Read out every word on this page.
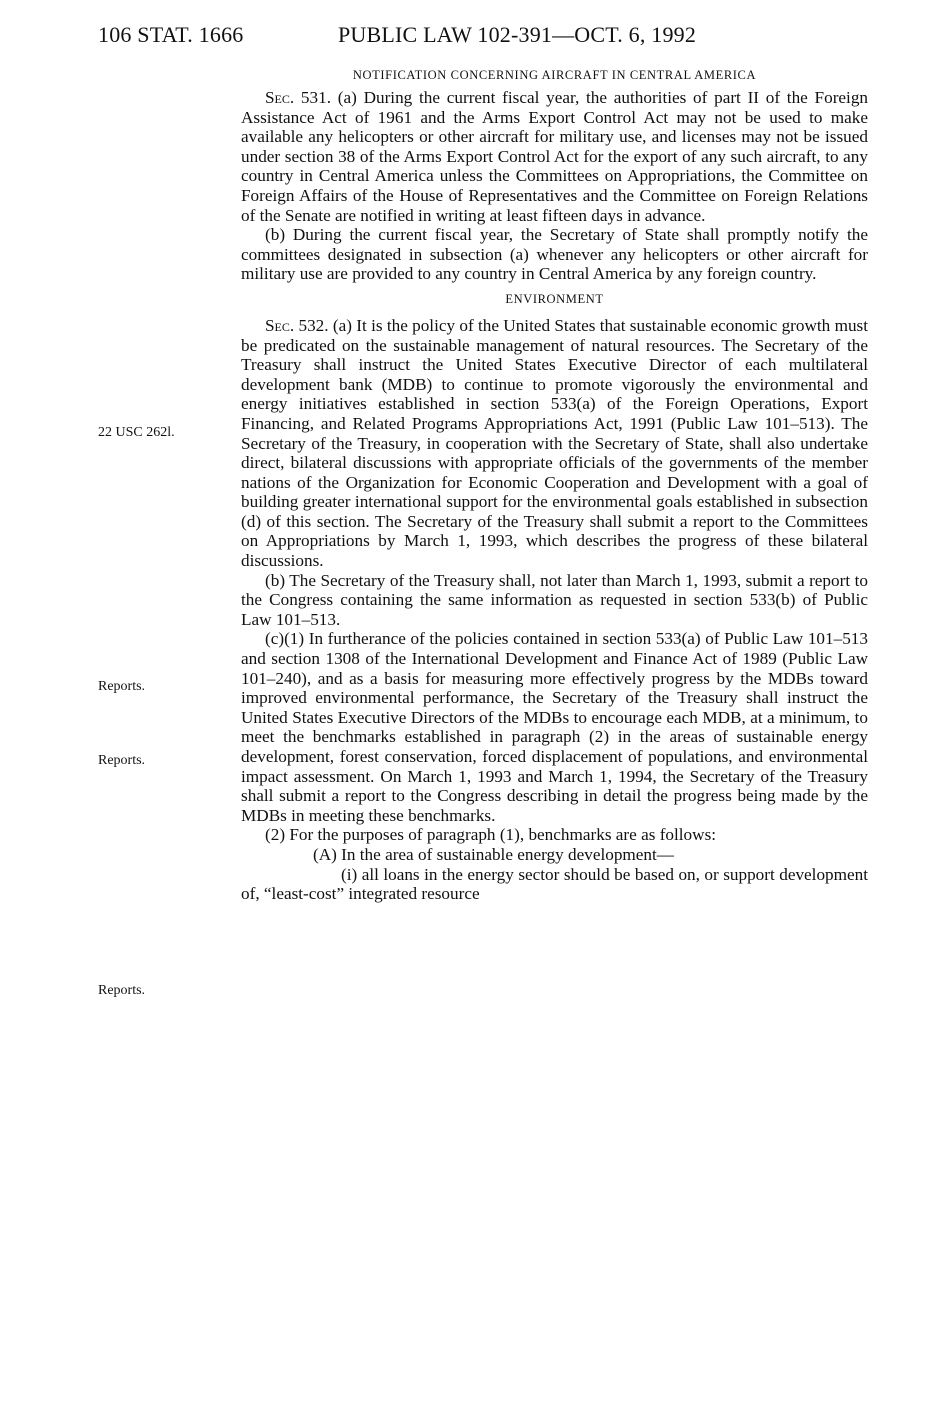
106 STAT. 1666	PUBLIC LAW 102-391—OCT. 6, 1992
22 USC 262l.
Reports.
Reports.
Reports.
NOTIFICATION CONCERNING AIRCRAFT IN CENTRAL AMERICA

Sec. 531. (a) During the current fiscal year, the authorities of part II of the Foreign Assistance Act of 1961 and the Arms Export Control Act may not be used to make available any helicopters or other aircraft for military use, and licenses may not be issued under section 38 of the Arms Export Control Act for the export of any such aircraft, to any country in Central America unless the Committees on Appropriations, the Committee on Foreign Affairs of the House of Representatives and the Committee on Foreign Relations of the Senate are notified in writing at least fifteen days in advance.

(b) During the current fiscal year, the Secretary of State shall promptly notify the committees designated in subsection (a) whenever any helicopters or other aircraft for military use are provided to any country in Central America by any foreign country.

ENVIRONMENT

Sec. 532. (a) It is the policy of the United States that sustainable economic growth must be predicated on the sustainable management of natural resources. The Secretary of the Treasury shall instruct the United States Executive Director of each multilateral development bank (MDB) to continue to promote vigorously the environmental and energy initiatives established in section 533(a) of the Foreign Operations, Export Financing, and Related Programs Appropriations Act, 1991 (Public Law 101–513). The Secretary of the Treasury, in cooperation with the Secretary of State, shall also undertake direct, bilateral discussions with appropriate officials of the governments of the member nations of the Organization for Economic Cooperation and Development with a goal of building greater international support for the environmental goals established in subsection (d) of this section. The Secretary of the Treasury shall submit a report to the Committees on Appropriations by March 1, 1993, which describes the progress of these bilateral discussions.

(b) The Secretary of the Treasury shall, not later than March 1, 1993, submit a report to the Congress containing the same information as requested in section 533(b) of Public Law 101–513.

(c)(1) In furtherance of the policies contained in section 533(a) of Public Law 101–513 and section 1308 of the International Development and Finance Act of 1989 (Public Law 101–240), and as a basis for measuring more effectively progress by the MDBs toward improved environmental performance, the Secretary of the Treasury shall instruct the United States Executive Directors of the MDBs to encourage each MDB, at a minimum, to meet the benchmarks established in paragraph (2) in the areas of sustainable energy development, forest conservation, forced displacement of populations, and environmental impact assessment. On March 1, 1993 and March 1, 1994, the Secretary of the Treasury shall submit a report to the Congress describing in detail the progress being made by the MDBs in meeting these benchmarks.

(2) For the purposes of paragraph (1), benchmarks are as follows:

(A) In the area of sustainable energy development—

(i) all loans in the energy sector should be based on, or support development of, “least-cost” integrated resource
